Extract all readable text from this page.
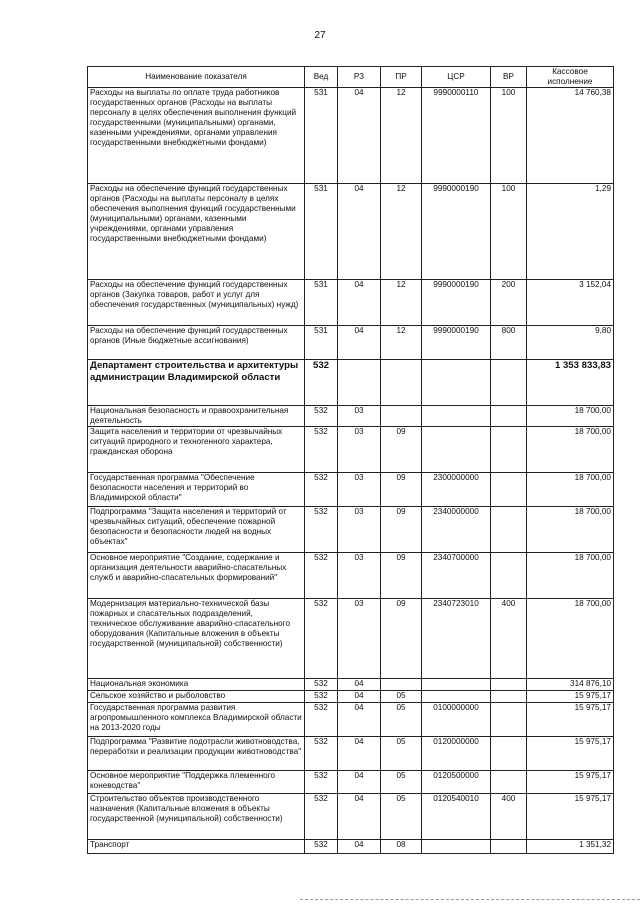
27
Наименование показателя	Вед	РЗ	ПР	ЦСР	ВР	Кассовое исполнение
Расходы на выплаты по оплате труда работников государственных органов (Расходы на выплаты персоналу в целях обеспечения выполнения функций государственными (муниципальными) органами, казенными учреждениями, органами управления государственными внебюджетными фондами)	531	04	12	9990000110	100	14 760,38
Расходы на обеспечение функций государственных органов (Расходы на выплаты персоналу в целях обеспечения выполнения функций государственными (муниципальными) органами, казенными учреждениями, органами управления государственными внебюджетными фондами)	531	04	12	9990000190	100	1,29
Расходы на обеспечение функций государственных органов (Закупка товаров, работ и услуг для обеспечения государственных (муниципальных) нужд)	531	04	12	9990000190	200	3 152,04
Расходы на обеспечение функций государственных органов (Иные бюджетные ассигнования)	531	04	12	9990000190	800	9,80
Департамент строительства и архитектуры администрации Владимирской области	532					1 353 833,83
Национальная безопасность и правоохранительная деятельность	532	03				18 700,00
Защита населения и территории от чрезвычайных ситуаций природного и техногенного характера, гражданская оборона	532	03	09			18 700,00
Государственная программа "Обеспечение безопасности населения и территорий во Владимирской области"	532	03	09	2300000000		18 700,00
Подпрограмма "Защита населения и территорий от чрезвычайных ситуаций, обеспечение пожарной безопасности и безопасности людей на водных объектах"	532	03	09	2340000000		18 700,00
Основное мероприятие "Создание, содержание и организация деятельности аварийно-спасательных служб и аварийно-спасательных формирований"	532	03	09	2340700000		18 700,00
Модернизация материально-технической базы пожарных и спасательных подразделений, техническое обслуживание аварийно-спасательного оборудования (Капитальные вложения в объекты государственной (муниципальной) собственности)	532	03	09	2340723010	400	18 700,00
Национальная экономика	532	04				314 876,10
Сельское хозяйство и рыболовство	532	04	05			15 975,17
Государственная программа развития агропромышленного комплекса Владимирской области на 2013-2020 годы	532	04	05	0100000000		15 975,17
Подпрограмма "Развитие подотрасли животноводства, переработки и реализации продукции животноводства"	532	04	05	0120000000		15 975,17
Основное мероприятие "Поддержка племенного коневодства"	532	04	05	0120500000		15 975,17
Строительство объектов производственного назначения (Капитальные вложения в объекты государственной (муниципальной) собственности)	532	04	05	0120540010	400	15 975,17
Транспорт	532	04	08			1 351,32
